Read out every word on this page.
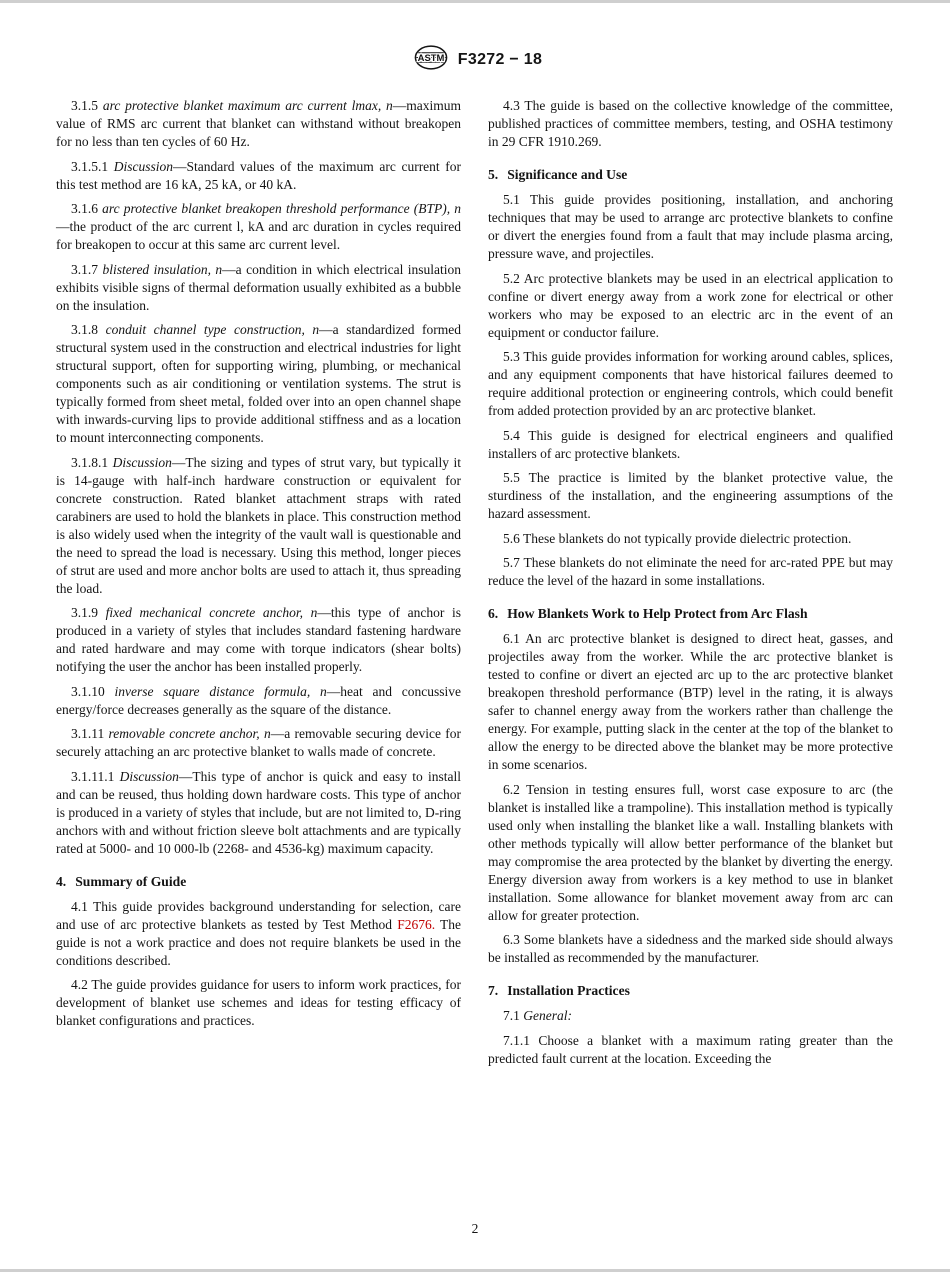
ASTM F3272 − 18

3.1.5 arc protective blanket maximum arc current lmax, n—maximum value of RMS arc current that blanket can withstand without breakopen for no less than ten cycles of 60 Hz.

3.1.5.1 Discussion—Standard values of the maximum arc current for this test method are 16 kA, 25 kA, or 40 kA.

3.1.6 arc protective blanket breakopen threshold performance (BTP), n—the product of the arc current l, kA and arc duration in cycles required for breakopen to occur at this same arc current level.

3.1.7 blistered insulation, n—a condition in which electrical insulation exhibits visible signs of thermal deformation usually exhibited as a bubble on the insulation.

3.1.8 conduit channel type construction, n—a standardized formed structural system used in the construction and electrical industries for light structural support, often for supporting wiring, plumbing, or mechanical components such as air conditioning or ventilation systems. The strut is typically formed from sheet metal, folded over into an open channel shape with inwards-curving lips to provide additional stiffness and as a location to mount interconnecting components.

3.1.8.1 Discussion—The sizing and types of strut vary, but typically it is 14-gauge with half-inch hardware construction or equivalent for concrete construction. Rated blanket attachment straps with rated carabiners are used to hold the blankets in place. This construction method is also widely used when the integrity of the vault wall is questionable and the need to spread the load is necessary. Using this method, longer pieces of strut are used and more anchor bolts are used to attach it, thus spreading the load.

3.1.9 fixed mechanical concrete anchor, n—this type of anchor is produced in a variety of styles that includes standard fastening hardware and rated hardware and may come with torque indicators (shear bolts) notifying the user the anchor has been installed properly.

3.1.10 inverse square distance formula, n—heat and concussive energy/force decreases generally as the square of the distance.

3.1.11 removable concrete anchor, n—a removable securing device for securely attaching an arc protective blanket to walls made of concrete.

3.1.11.1 Discussion—This type of anchor is quick and easy to install and can be reused, thus holding down hardware costs. This type of anchor is produced in a variety of styles that include, but are not limited to, D-ring anchors with and without friction sleeve bolt attachments and are typically rated at 5000- and 10 000-lb (2268- and 4536-kg) maximum capacity.

4. Summary of Guide

4.1 This guide provides background understanding for selection, care and use of arc protective blankets as tested by Test Method F2676. The guide is not a work practice and does not require blankets be used in the conditions described.

4.2 The guide provides guidance for users to inform work practices, for development of blanket use schemes and ideas for testing efficacy of blanket configurations and practices.

4.3 The guide is based on the collective knowledge of the committee, published practices of committee members, testing, and OSHA testimony in 29 CFR 1910.269.

5. Significance and Use

5.1 This guide provides positioning, installation, and anchoring techniques that may be used to arrange arc protective blankets to confine or divert the energies found from a fault that may include plasma arcing, pressure wave, and projectiles.

5.2 Arc protective blankets may be used in an electrical application to confine or divert energy away from a work zone for electrical or other workers who may be exposed to an electric arc in the event of an equipment or conductor failure.

5.3 This guide provides information for working around cables, splices, and any equipment components that have historical failures deemed to require additional protection or engineering controls, which could benefit from added protection provided by an arc protective blanket.

5.4 This guide is designed for electrical engineers and qualified installers of arc protective blankets.

5.5 The practice is limited by the blanket protective value, the sturdiness of the installation, and the engineering assumptions of the hazard assessment.

5.6 These blankets do not typically provide dielectric protection.

5.7 These blankets do not eliminate the need for arc-rated PPE but may reduce the level of the hazard in some installations.

6. How Blankets Work to Help Protect from Arc Flash

6.1 An arc protective blanket is designed to direct heat, gasses, and projectiles away from the worker. While the arc protective blanket is tested to confine or divert an ejected arc up to the arc protective blanket breakopen threshold performance (BTP) level in the rating, it is always safer to channel energy away from the workers rather than challenge the energy. For example, putting slack in the center at the top of the blanket to allow the energy to be directed above the blanket may be more protective in some scenarios.

6.2 Tension in testing ensures full, worst case exposure to arc (the blanket is installed like a trampoline). This installation method is typically used only when installing the blanket like a wall. Installing blankets with other methods typically will allow better performance of the blanket but may compromise the area protected by the blanket by diverting the energy. Energy diversion away from workers is a key method to use in blanket installation. Some allowance for blanket movement away from arc can allow for greater protection.

6.3 Some blankets have a sidedness and the marked side should always be installed as recommended by the manufacturer.

7. Installation Practices

7.1 General:

7.1.1 Choose a blanket with a maximum rating greater than the predicted fault current at the location. Exceeding the

2
